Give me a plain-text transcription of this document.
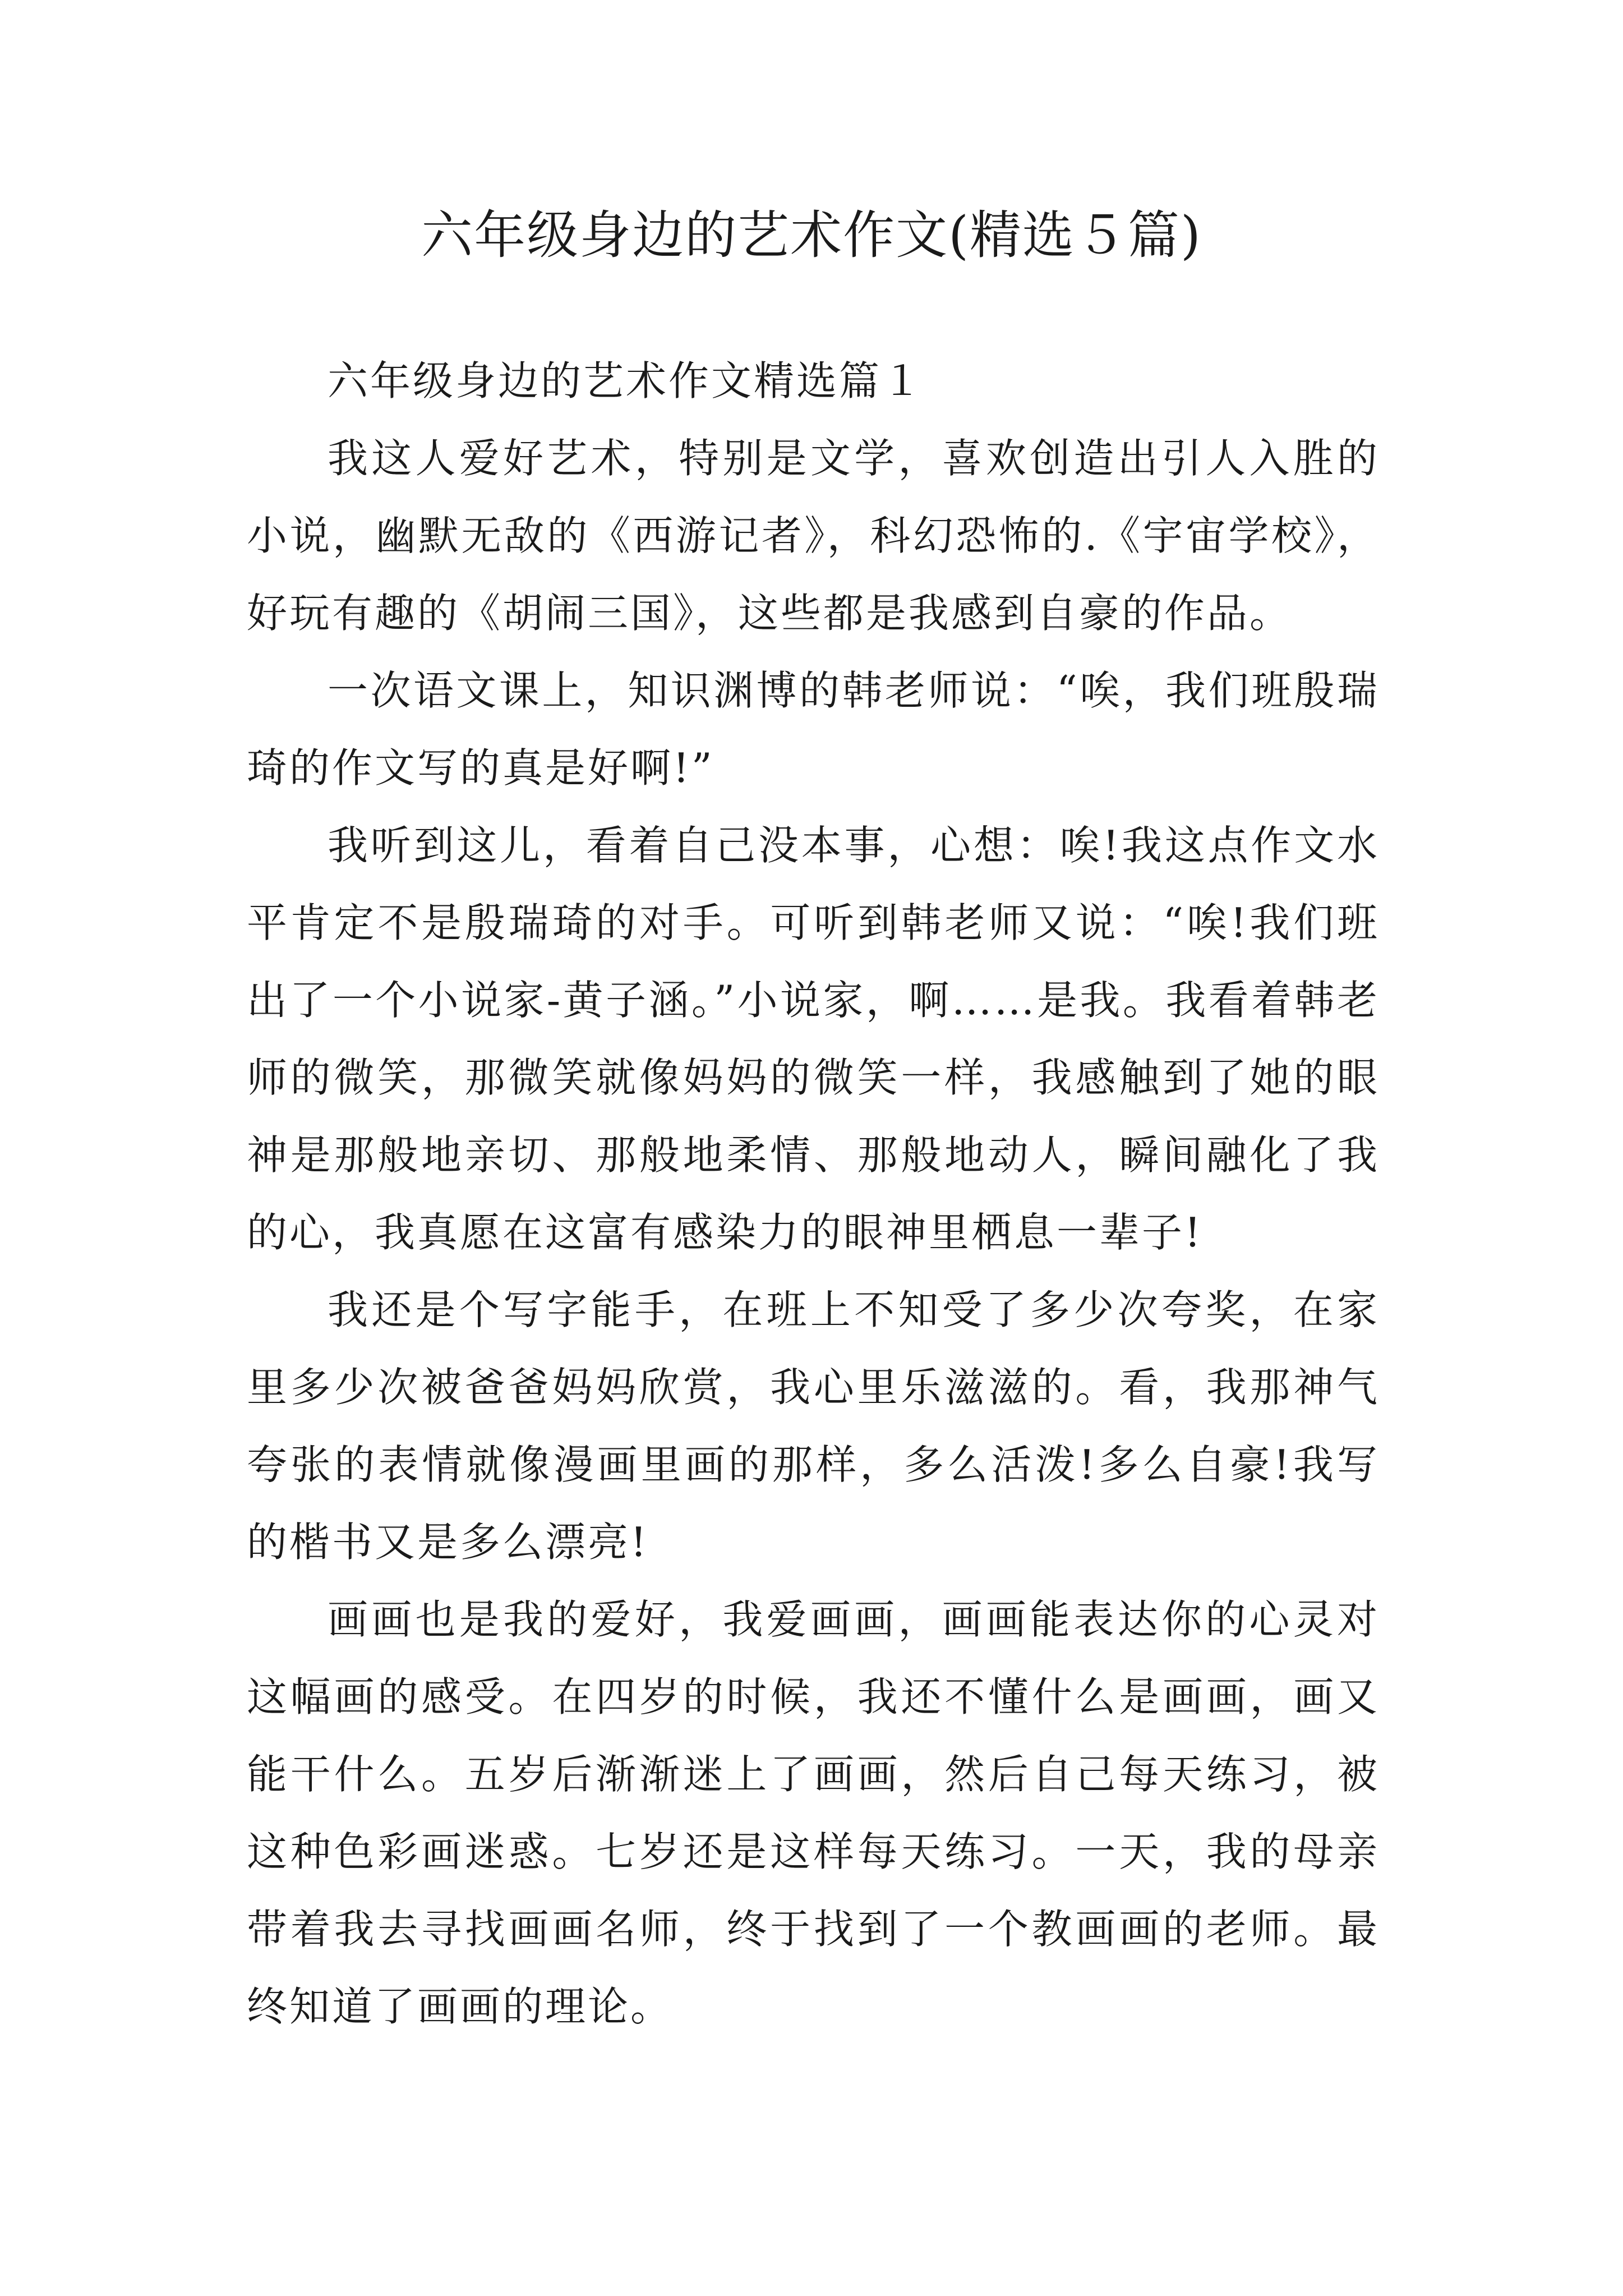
六年级身边的艺术作文(精选５篇)

六年级身边的艺术作文精选篇１

我这人爱好艺术，特别是文学，喜欢创造出引人入胜的小说，幽默无敌的《西游记者》，科幻恐怖的.《宇宙学校》，好玩有趣的《胡闹三国》，这些都是我感到自豪的作品。

一次语文课上，知识渊博的韩老师说：“唉，我们班殷瑞琦的作文写的真是好啊!”

我听到这儿，看着自己没本事，心想：唉!我这点作文水平肯定不是殷瑞琦的对手。可听到韩老师又说：“唉!我们班出了一个小说家-黄子涵。”小说家，啊……是我。我看着韩老师的微笑，那微笑就像妈妈的微笑一样，我感触到了她的眼神是那般地亲切、那般地柔情、那般地动人，瞬间融化了我的心，我真愿在这富有感染力的眼神里栖息一辈子!

我还是个写字能手，在班上不知受了多少次夸奖，在家里多少次被爸爸妈妈欣赏，我心里乐滋滋的。看，我那神气夸张的表情就像漫画里画的那样，多么活泼!多么自豪!我写的楷书又是多么漂亮!

画画也是我的爱好，我爱画画，画画能表达你的心灵对这幅画的感受。在四岁的时候，我还不懂什么是画画，画又能干什么。五岁后渐渐迷上了画画，然后自己每天练习，被这种色彩画迷惑。七岁还是这样每天练习。一天，我的母亲带着我去寻找画画名师，终于找到了一个教画画的老师。最终知道了画画的理论。
